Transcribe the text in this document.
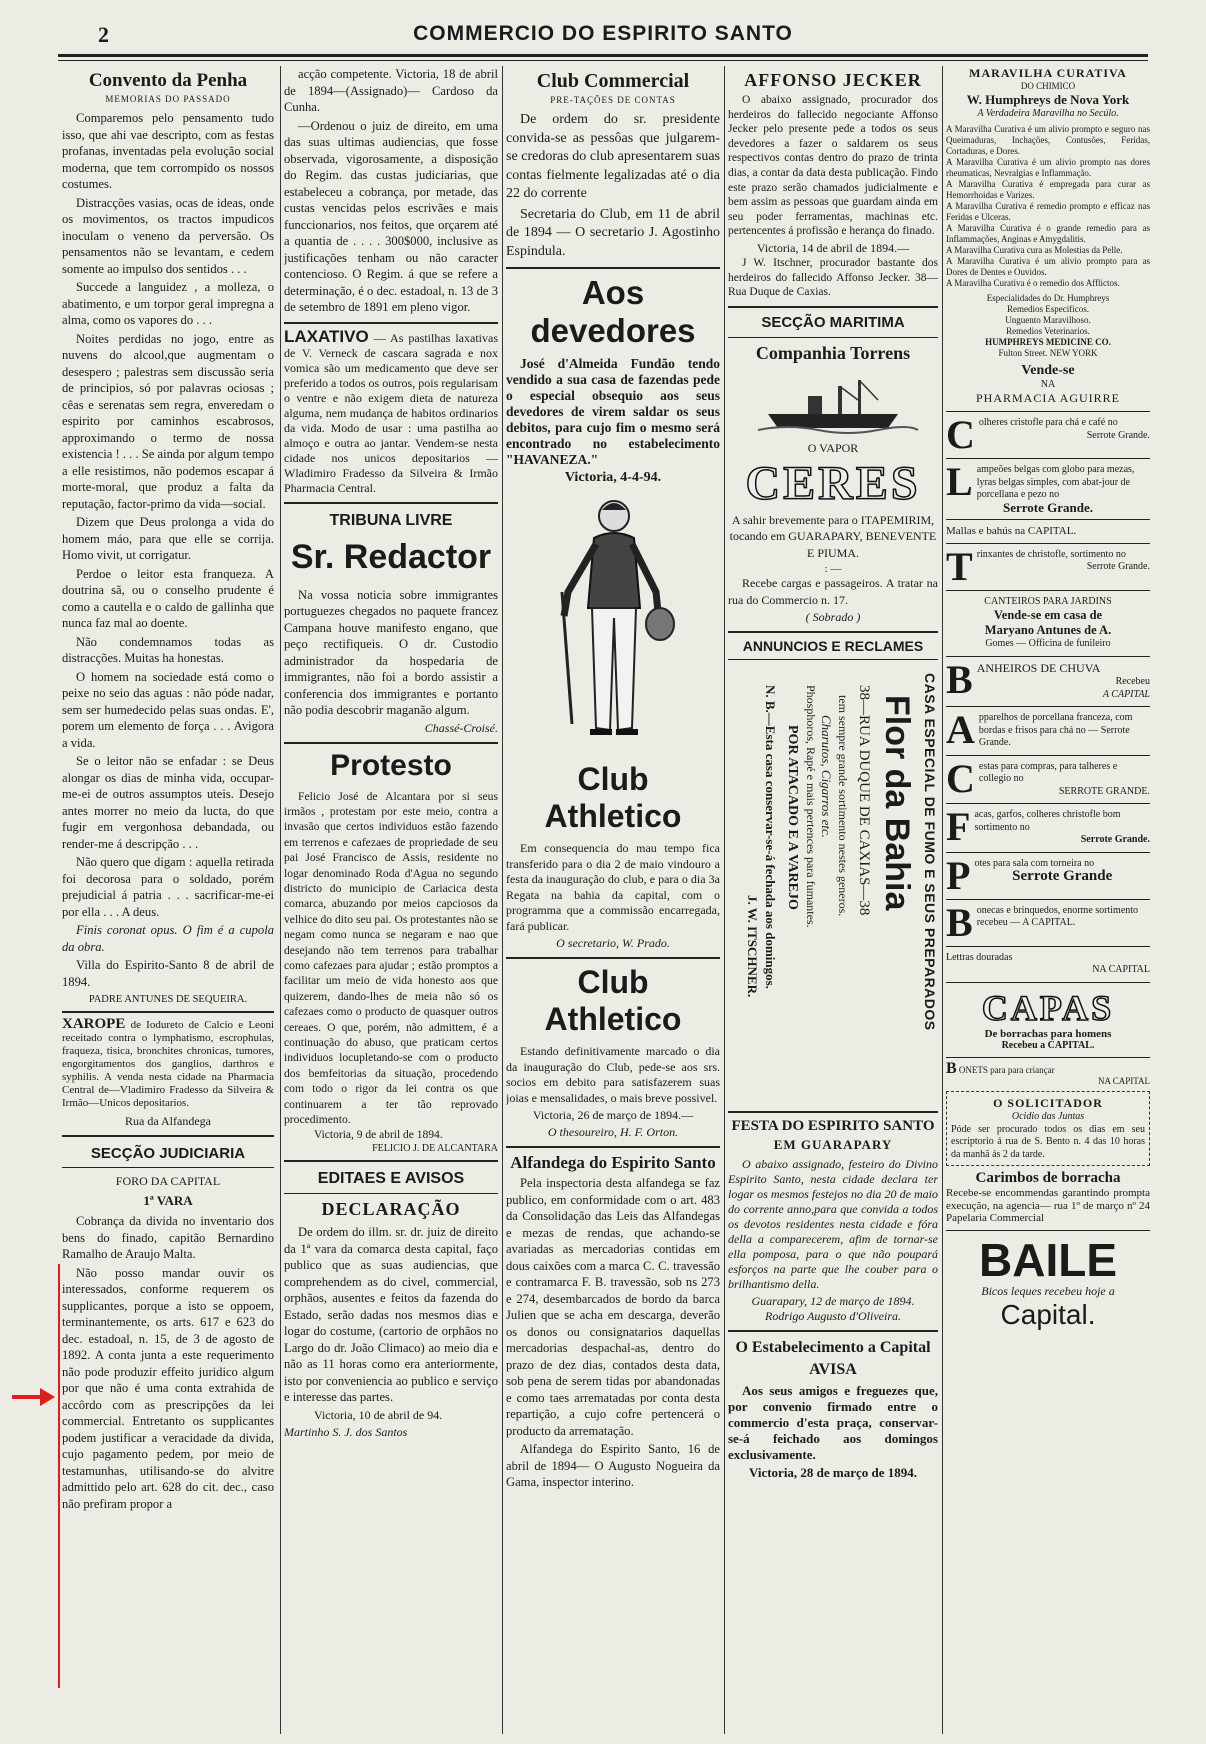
2	COMMERCIO DO ESPIRITO SANTO
Convento da Penha
MEMORIAS DO PASSADO

Comparemos pelo pensamento tudo isso, que ahi vae descripto, com as festas profanas, inventadas pela evolução social moderna, que tem corrompido os nossos costumes.

Distracções vasias, ocas de ideas, onde os movimentos, os tractos impudicos inoculam o veneno da perversão. Os pensamentos não se levantam, e cedem somente ao impulso dos sentidos . . .

Succede a languidez , a molleza, o abatimento, e um torpor geral impregna a alma, como os vapores do . . .

Noites perdidas no jogo, entre as nuvens do alcool,que augmentam o desespero ; palestras sem discussão seria de principios, só por palavras ociosas ; cêas e serenatas sem regra, enveredam o espirito por caminhos escabrosos, approximando o termo de nossa existencia ! . . . Se ainda por algum tempo a elle resistimos, não podemos escapar á morte-moral, que produz a falta da reputação, factor-primo da vida—social.

Dizem que Deus prolonga a vida do homem máo, para que elle se corrija. Homo vivit, ut corrigatur.

Perdoe o leitor esta franqueza. A doutrina sã, ou o conselho prudente é como a cautella e o caldo de gallinha que nunca faz mal ao doente.

Não condemnamos todas as distracções. Muitas ha honestas.

O homem na sociedade está como o peixe no seio das aguas : não póde nadar, sem ser humedecido pelas suas ondas. E', porem um elemento de força . . . Avigora a vida.

Se o leitor não se enfadar : se Deus alongar os dias de minha vida, occupar-me-ei de outros assumptos uteis. Desejo antes morrer no meio da lucta, do que fugir em vergonhosa debandada, ou render-me á descripção . . .

Não quero que digam : aquella retirada foi decorosa para o soldado, porém prejudicial á patria . . . sacrificar-me-ei por ella . . . A deus.

Finis coronat opus. O fim é a cupola da obra.

Villa do Espirito-Santo 8 de abril de 1894.

PADRE ANTUNES DE SEQUEIRA.
XAROPE de Iodureto de Calcio e Leoni receitado contra o lymphatismo, escrophulas, fraqueza, tisica, bronchites chronicas, tumores, engorgitamentos dos ganglios, darthros e syphilis. A venda nesta cidade na Pharmacia Central de—Vladimiro Fradesso da Silveira & Irmão—Unicos depositarios.
Rua da Alfandega
SECÇÃO JUDICIARIA
FORO DA CAPITAL
1ª VARA

Cobrança da divida no inventario dos bens do finado, capitão Bernardino Ramalho de Araujo Malta.

Não posso mandar ouvir os interessados, conforme requerem os supplicantes, porque a isto se oppoem, terminantemente, os arts. 617 e 623 do dec. estadoal, n. 15, de 3 de agosto de 1892. A conta junta a este requerimento não pode produzir effeito juridico algum por que não é uma conta extrahida de accôrdo com as prescripções da lei commercial. Entretanto os supplicantes podem justificar a veracidade da divida, cujo pagamento pedem, por meio de testamunhas, utilisando-se do alvitre admittido pelo art. 628 do cit. dec., caso não prefiram propor a

acção competente. Victoria, 18 de abril de 1894—(Assignado)— Cardoso da Cunha.

—Ordenou o juiz de direito, em uma das suas ultimas audiencias, que fosse observada, vigorosamente, a disposição do Regim. das custas judiciarias, que estabeleceu a cobrança, por metade, das custas vencidas pelos escrivães e mais funccionarios, nos feitos, que orçarem até a quantia de . . . . 300$000, inclusive as justificações tenham ou não caracter contencioso. O Regim. á que se refere a determinação, é o dec. estadoal, n. 13 de 3 de setembro de 1891 em pleno vigor.

LAXATIVO — As pastilhas laxativas de V. Verneck de cascara sagrada e nox vomica são um medicamento que deve ser preferido a todos os outros, pois regularisam o ventre e não exigem dieta de natureza alguma, nem mudança de habitos ordinarios da vida. Modo de usar : uma pastilha ao almoço e outra ao jantar. Vendem-se nesta cidade nos unicos depositarios — Wladimiro Fradesso da Silveira & Irmão Pharmacia Central.
TRIBUNA LIVRE
Sr. Redactor

Na vossa noticia sobre immigrantes portuguezes chegados no paquete francez Campana houve manifesto engano, que peço rectifiqueis. O dr. Custodio administrador da hospedaria de immigrantes, não foi a bordo assistir a conferencia dos immigrantes e portanto não podia descobrir maganão algum.

Chassé-Croisé.
Protesto

Felicio José de Alcantara por si seus irmãos , protestam por este meio, contra a invasão que certos individuos estão fazendo em terrenos e cafezaes de propriedade de seu pai José Francisco de Assis, residente no logar denominado Roda d'Agua no segundo districto do municipio de Cariacica desta comarca, abuzando por meios capciosos da velhice do dito seu pai. Os protestantes não se negam como nunca se negaram e nao que desejando não tem terrenos para trabalhar como cafezaes para ajudar ; estão promptos a facilitar um meio de vida honesto aos que quizerem, dando-lhes de meia não só os cafezaes como o producto de quasquer outros cereaes. O que, porém, não admittem, é a continuação do abuso, que praticam certos individuos locupletando-se com o producto dos bemfeitorias da situação, procedendo com todo o rigor da lei contra os que continuarem a ter tão reprovado procedimento.

Victoria, 9 de abril de 1894.
FELICIO J. DE ALCANTARA
EDITAES E AVISOS
DECLARAÇÃO

De ordem do illm. sr. dr. juiz de direito da 1ª vara da comarca desta capital, faço publico que as suas audiencias, que comprehendem as do civel, commercial, orphãos, ausentes e feitos da fazenda do Estado, serão dadas nos mesmos dias e logar do costume, (cartorio de orphãos no Largo do dr. João Climaco) ao meio dia e não as 11 horas como era anteriormente, isto por conveniencia ao publico e serviço e interesse das partes.

Victoria, 10 de abril de 94.
Martinho S. J. dos Santos
Club Commercial
PRE-TAÇÕES DE CONTAS

De ordem do sr. presidente convida-se as pessôas que julgarem-se credoras do club apresentarem suas contas fielmente legalizadas até o dia 22 do corrente

Secretaria do Club, em 11 de abril de 1894 — O secretario J. Agostinho Espindula.

Aos devedores

José d'Almeida Fundão tendo vendido a sua casa de fazendas pede o especial obsequio aos seus devedores de virem saldar os seus debitos, para cujo fim o mesmo será encontrado no estabelecimento "HAVANEZA."

Victoria, 4-4-94.
Club Athletico

Em consequencia do mau tempo fica transferido para o dia 2 de maio vindouro a festa da inauguração do club, e para o dia 3a Regata na bahia da capital, com o programma que a commissão encarregada, fará publicar.

O secretario, W. Prado.
Club Athletico

Estando definitivamente marcado o dia da inauguração do Club, pede-se aos srs. socios em debito para satisfazerem suas joias e mensalidades, o mais breve possivel.

Victoria, 26 de março de 1894.—
O thesoureiro, H. F. Orton.
Alfandega do Espirito Santo

Pela inspectoria desta alfandega se faz publico, em conformidade com o art. 483 da Consolidação das Leis das Alfandegas e mezas de rendas, que achando-se avariadas as mercadorias contidas em dous caixões com a marca C. C. travessão e contramarca F. B. travessão, sob ns 273 e 274, desembarcados de bordo da barca Julien que se acha em descarga, deverão os donos ou consignatarios daquellas mercadorias despachal-as, dentro do prazo de dez dias, contados desta data, sob pena de serem tidas por abandonadas e como taes arrematadas por conta desta repartição, a cujo cofre pertencerá o producto da arrematação.

Alfandega do Espirito Santo, 16 de abril de 1894— O Augusto Nogueira da Gama, inspector interino.

AFFONSO JECKER

O abaixo assignado, procurador dos herdeiros do fallecido negociante Affonso Jecker pelo presente pede a todos os seus devedores a fazer o saldarem os seus respectivos contas dentro do prazo de trinta dias, a contar da data desta publicação. Findo este prazo serão chamados judicialmente e bem assim as pessoas que guardam ainda em seu poder ferramentas, machinas etc. pertencentes á profissão e herança do finado.

Victoria, 14 de abril de 1894.—

J W. Itschner, procurador bastante dos herdeiros do fallecido Affonso Jecker. 38—Rua Duque de Caxias.

SECÇÃO MARITIMA
Companhia Torrens
O VAPOR
CERES

A sahir brevemente para o ITAPEMIRIM, tocando em GUARAPARY, BENEVENTE E PIUMA.

: —

Recebe cargas e passageiros. A tratar na rua do Commercio n. 17.

( Sobrado )
ANNUNCIOS E RECLAMES
CASA ESPECIAL DE FUMO E SEUS PREPARADOS
Flor da Bahia
38—RUA DUQUE DE CAXIAS—38
tem sempre grande sortimento nestes generos.
Charutos, Cigarros etc.
Phosphoros, Rapé e mais pertences para fumantes.
POR ATACADO E A VAREJO
N. B.—Esta casa conservar-se-á fechada aos domingos.
J. W. ITSCHNER.
FESTA DO ESPIRITO SANTO
EM GUARAPARY

O abaixo assignado, festeiro do Divino Espirito Santo, nesta cidade declara ter logar os mesmos festejos no dia 20 de maio do corrente anno,para que convida a todos os devotos residentes nesta cidade e fóra della a comparecerem, afim de tornar-se ella pomposa, para o que não poupará esforços na parte que lhe couber para o brilhantismo della.

Guarapary, 12 de março de 1894.
Rodrigo Augusto d'Oliveira.
O Estabelecimento a Capital AVISA

Aos seus amigos e freguezes que, por convenio firmado entre o commercio d'esta praça, conservar-se-á feichado aos domingos exclusivamente.

Victoria, 28 de março de 1894.
MARAVILHA CURATIVA
DO CHIMICO
W. Humphreys de Nova York
A Verdadeira Maravilha no Secúlo.
A Maravilha Curativa é um alivio prompto e seguro nas Queimaduras, Inchações, Contusões, Feridas, Cortaduras, e Dores.
A Maravilha Curativa é um alivio prompto nas dores rheumaticas, Nevralgias e Inflammação.
A Maravilha Curativa é empregada para curar as Hemorrhoidas e Varizes.
A Maravilha Curativa é remedio prompto e efficaz nas Feridas e Ulceras.
A Maravilha Curativa é o grande remedio para as Inflammações, Anginas e Amygdalitis.
A Maravilha Curativa cura as Molestias da Pelle.
A Maravilha Curativa é um alivio prompto para as Dores de Dentes e Ouvidos.
A Maravilha Curativa é o remedio dos Afflictos.
Especialidades do Dr. Humphreys
Remedios Especificos.
Unguento Maravilhoso.
Remedios Veterinarios.
HUMPHREYS MEDICINE CO.
Fulton Street. NEW YORK
Vende-se
NA
PHARMACIA AGUIRRE
C olheres cristofle para chá e café no
Serrote Grande.
L ampeões belgas com globo para mezas, lyras belgas simples, com abat-jour de porcellana e pezo no
Serrote Grande.
Mallas e bahús na CAPITAL.
T rinxantes de christofle, sortimento no
Serrote Grande.
CANTEIROS PARA JARDINS
Vende-se em casa de
Maryano Antunes de A.
Gomes — Officina de funileiro
B ANHEIROS DE CHUVA
Recebeu
A CAPITAL
A pparelhos de porcellana franceza, com bordas e frisos para chá no — Serrote Grande.
C estas para compras, para talheres e collegio no
SERROTE GRANDE.
F acas, garfos, colheres christofle bom sortimento no
Serrote Grande.
P otes para sala com torneira no
Serrote Grande
B onecas e brinquedos, enorme sortimento recebeu — A CAPITAL.
Lettras douradas
NA CAPITAL
CAPAS
De borrachas para homens
Recebeu a CAPITAL.
B ONETS para para criançar
NA CAPITAL
O SOLICITADOR
Ocidio das Juntas
Póde ser procurado todos os dias em seu escriptorio á rua de S. Bento n. 4 das 10 horas da manhã ás 2 da tarde.
Carimbos de borracha
Recebe-se encommendas garantindo prompta execução, na agencia— rua 1º de março nº 24 Papelaria Commercial
BAILE
Bicos leques recebeu hoje a
Capital.
